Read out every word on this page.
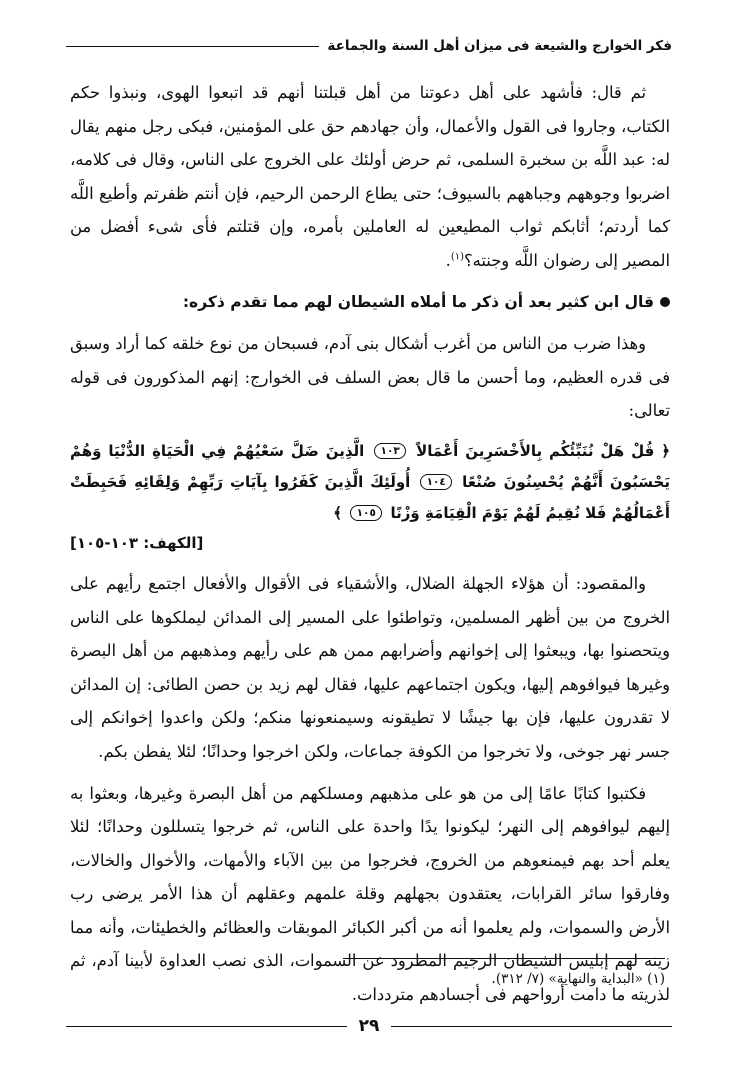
فكر الخوارج والشيعة فى ميزان أهل السنة والجماعة

ثم قال: فأشهد على أهل دعوتنا من أهل قبلتنا أنهم قد اتبعوا الهوى، ونبذوا حكم الكتاب، وجاروا فى القول والأعمال، وأن جهادهم حق على المؤمنين، فبكى رجل منهم يقال له: عبد اللَّه بن سخبرة السلمى، ثم حرض أولئك على الخروج على الناس، وقال فى كلامه، اضربوا وجوههم وجباههم بالسيوف؛ حتى يطاع الرحمن الرحيم، فإن أنتم ظفرتم وأطيع اللَّه كما أردتم؛ أثابكم ثواب المطيعين له العاملين بأمره، وإن قتلتم فأى شىء أفضل من المصير إلى رضوان اللَّه وجنته؟$^{(١)}$.

قال ابن كثير بعد أن ذكر ما أملاه الشيطان لهم مما تقدم ذكره:

وهذا ضرب من الناس من أغرب أشكال بنى آدم، فسبحان من نوع خلقه كما أراد وسبق فى قدره العظيم، وما أحسن ما قال بعض السلف فى الخوارج: إنهم المذكورون فى قوله تعالى:

﴿ قُلْ هَلْ نُنَبِّئُكُم بِالأَخْسَرِينَ أَعْمَالاً ١٠٣ الَّذِينَ ضَلَّ سَعْيُهُمْ فِي الْحَيَاةِ الدُّنْيَا وَهُمْ يَحْسَبُونَ أَنَّهُمْ يُحْسِنُونَ صُنْعًا ١٠٤ أُولَئِكَ الَّذِينَ كَفَرُوا بِآيَاتِ رَبِّهِمْ وَلِقَائِهِ فَحَبِطَتْ أَعْمَالُهُمْ فَلا نُقِيمُ لَهُمْ يَوْمَ الْقِيَامَةِ وَزْنًا ١٠٥ ﴾
[الكهف: ١٠٣-١٠٥]

والمقصود: أن هؤلاء الجهلة الضلال، والأشقياء فى الأقوال والأفعال اجتمع رأيهم على الخروج من بين أظهر المسلمين، وتواطئوا على المسير إلى المدائن ليملكوها على الناس ويتحصنوا بها، ويبعثوا إلى إخوانهم وأضرابهم ممن هم على رأيهم ومذهبهم من أهل البصرة وغيرها فيوافوهم إليها، ويكون اجتماعهم عليها، فقال لهم زيد بن حصن الطائى: إن المدائن لا تقدرون عليها، فإن بها جيشًا لا تطيقونه وسيمنعونها منكم؛ ولكن واعدوا إخوانكم إلى جسر نهر جوخى، ولا تخرجوا من الكوفة جماعات، ولكن اخرجوا وحدانًا؛ لئلا يفطن بكم.

فكتبوا كتابًا عامًا إلى من هو على مذهبهم ومسلكهم من أهل البصرة وغيرها، وبعثوا به إليهم ليوافوهم إلى النهر؛ ليكونوا يدًا واحدة على الناس، ثم خرجوا يتسللون وحدانًا؛ لئلا يعلم أحد بهم فيمنعوهم من الخروج، فخرجوا من بين الآباء والأمهات، والأخوال والخالات، وفارقوا سائر القرابات، يعتقدون بجهلهم وقلة علمهم وعقلهم أن هذا الأمر يرضى رب الأرض والسموات، ولم يعلموا أنه من أكبر الكبائر الموبقات والعظائم والخطيئات، وأنه مما زينه لهم إبليس الشيطان الرجيم المطرود عن السموات، الذى نصب العداوة لأبينا آدم، ثم لذريته ما دامت أرواحهم فى أجسادهم مترددات.

(١) «البداية والنهاية» (٧/ ٣١٢).
٢٩
